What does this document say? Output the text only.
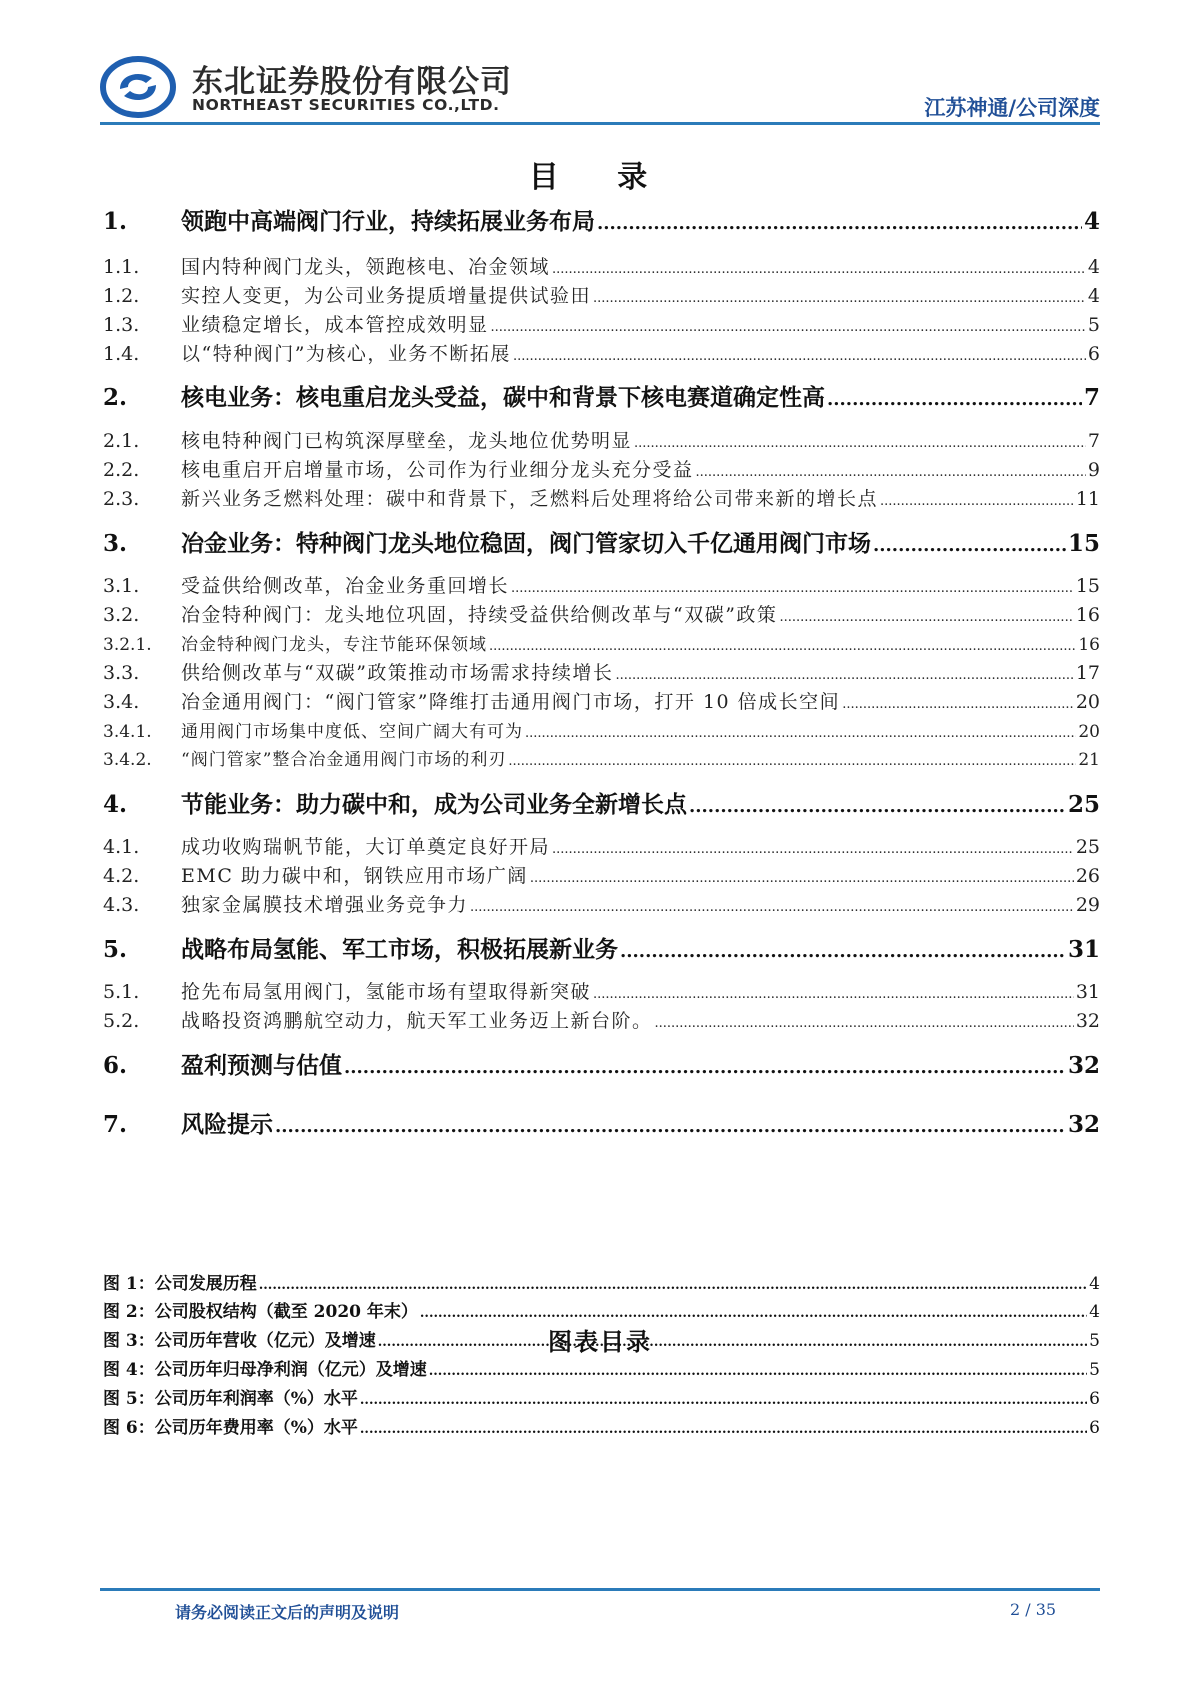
东北证券股份有限公司
NORTHEAST SECURITIES CO.,LTD.	江苏神通/公司深度
目 录
1.	领跑中高端阀门行业，持续拓展业务布局 .....	4
1.1.	国内特种阀门龙头，领跑核电、冶金领域 .....	4
1.2.	实控人变更，为公司业务提质增量提供试验田 .....	4
1.3.	业绩稳定增长，成本管控成效明显 .....	5
1.4.	以“特种阀门”为核心，业务不断拓展 .....	6
2.	核电业务：核电重启龙头受益，碳中和背景下核电赛道确定性高 .....	7
2.1.	核电特种阀门已构筑深厚壁垒，龙头地位优势明显 .....	7
2.2.	核电重启开启增量市场，公司作为行业细分龙头充分受益 .....	9
2.3.	新兴业务乏燃料处理：碳中和背景下，乏燃料后处理将给公司带来新的增长点 .....	11
3.	冶金业务：特种阀门龙头地位稳固，阀门管家切入千亿通用阀门市场 .....	15
3.1.	受益供给侧改革，冶金业务重回增长 .....	15
3.2.	冶金特种阀门：龙头地位巩固，持续受益供给侧改革与“双碳”政策 .....	16
3.2.1.	冶金特种阀门龙头，专注节能环保领域 .....	16
3.3.	供给侧改革与“双碳”政策推动市场需求持续增长 .....	17
3.4.	冶金通用阀门：“阀门管家”降维打击通用阀门市场，打开 10 倍成长空间 .....	20
3.4.1.	通用阀门市场集中度低、空间广阔大有可为 .....	20
3.4.2.	“阀门管家”整合冶金通用阀门市场的利刃 .....	21
4.	节能业务：助力碳中和，成为公司业务全新增长点 .....	25
4.1.	成功收购瑞帆节能，大订单奠定良好开局 .....	25
4.2.	EMC 助力碳中和，钢铁应用市场广阔 .....	26
4.3.	独家金属膜技术增强业务竞争力 .....	29
5.	战略布局氢能、军工市场，积极拓展新业务 .....	31
5.1.	抢先布局氢用阀门，氢能市场有望取得新突破 .....	31
5.2.	战略投资鸿鹏航空动力，航天军工业务迈上新台阶。 .....	32
6.	盈利预测与估值 .....	32
7.	风险提示 .....	32
图表目录
图 1：公司发展历程 .....	4
图 2：公司股权结构（截至 2020 年末） .....	4
图 3：公司历年营收（亿元）及增速 .....	5
图 4：公司历年归母净利润（亿元）及增速 .....	5
图 5：公司历年利润率（%）水平 .....	6
图 6：公司历年费用率（%）水平 .....	6
请务必阅读正文后的声明及说明	2 / 35
